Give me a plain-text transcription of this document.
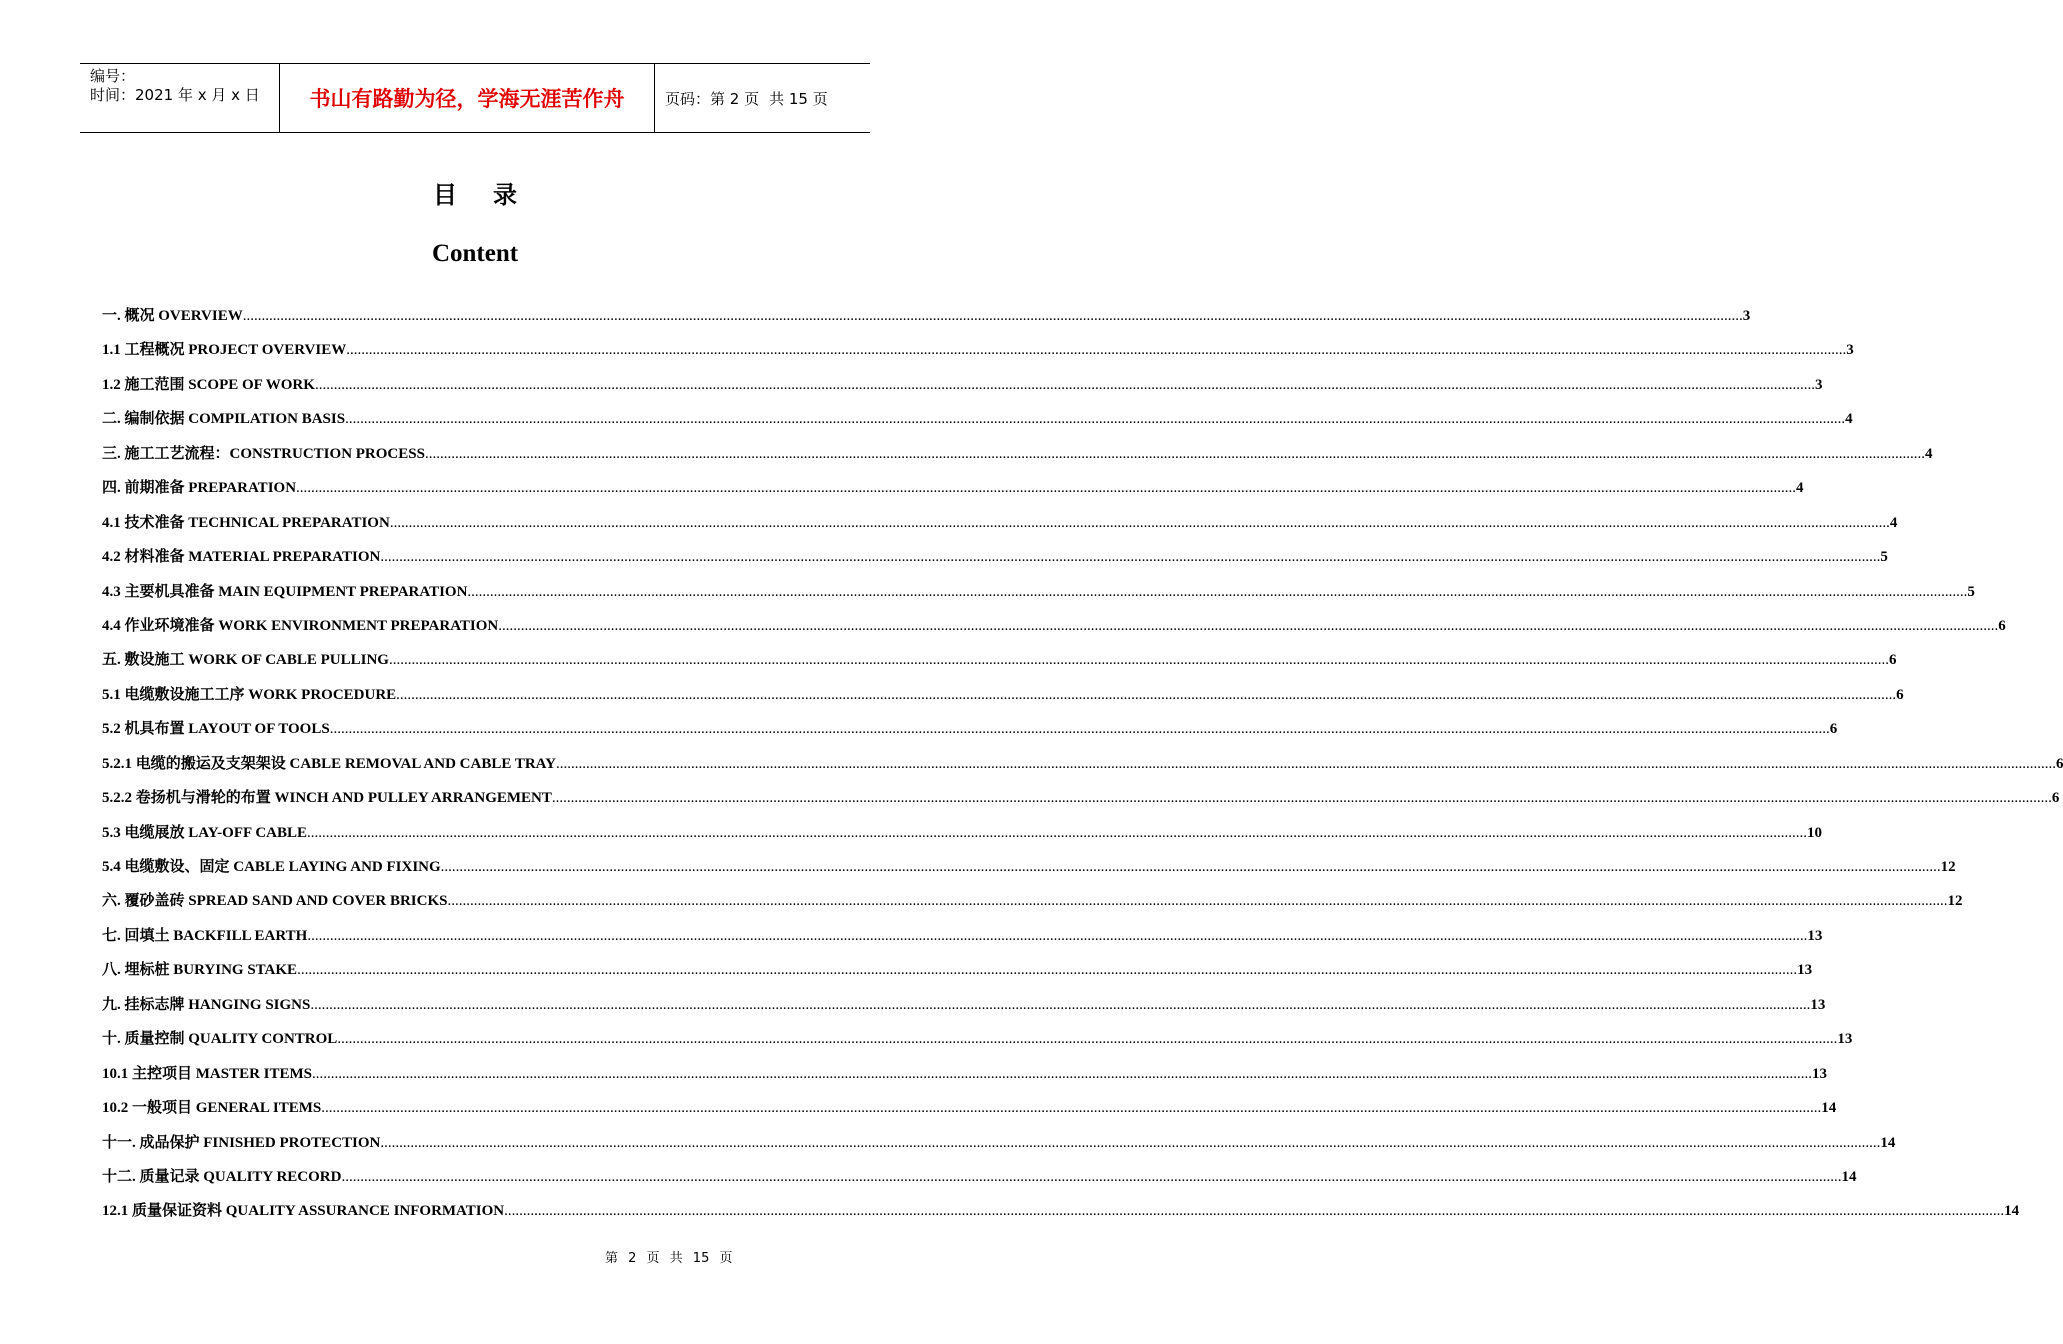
编号：
时间：2021 年 x 月 x 日	书山有路勤为径，学海无涯苦作舟	页码：第 2 页 共 15 页
目录
Content
一. 概况 OVERVIEW ................................................................................................................................................................................................................................................................................................................................................................................................................ 3
1.1 工程概况 PROJECT OVERVIEW ................................................................................................................................................................................................................................................................................................................................................................................................................ 3
1.2 施工范围 SCOPE OF WORK ................................................................................................................................................................................................................................................................................................................................................................................................................ 3
二. 编制依据 COMPILATION BASIS ................................................................................................................................................................................................................................................................................................................................................................................................................ 4
三. 施工工艺流程：CONSTRUCTION PROCESS ................................................................................................................................................................................................................................................................................................................................................................................................................ 4
四. 前期准备 PREPARATION ................................................................................................................................................................................................................................................................................................................................................................................................................ 4
4.1 技术准备 TECHNICAL PREPARATION ................................................................................................................................................................................................................................................................................................................................................................................................................ 4
4.2 材料准备 MATERIAL PREPARATION ................................................................................................................................................................................................................................................................................................................................................................................................................ 5
4.3 主要机具准备 MAIN EQUIPMENT PREPARATION ................................................................................................................................................................................................................................................................................................................................................................................................................ 5
4.4 作业环境准备 WORK ENVIRONMENT PREPARATION ................................................................................................................................................................................................................................................................................................................................................................................................................ 6
五. 敷设施工 WORK OF CABLE PULLING ................................................................................................................................................................................................................................................................................................................................................................................................................ 6
5.1 电缆敷设施工工序 WORK PROCEDURE ................................................................................................................................................................................................................................................................................................................................................................................................................ 6
5.2 机具布置 LAYOUT OF TOOLS ................................................................................................................................................................................................................................................................................................................................................................................................................ 6
5.2.1 电缆的搬运及支架架设 CABLE REMOVAL AND CABLE TRAY ................................................................................................................................................................................................................................................................................................................................................................................................................ 6
5.2.2 卷扬机与滑轮的布置 WINCH AND PULLEY ARRANGEMENT ................................................................................................................................................................................................................................................................................................................................................................................................................ 6
5.3 电缆展放 LAY-OFF CABLE ................................................................................................................................................................................................................................................................................................................................................................................................................ 10
5.4 电缆敷设、固定 CABLE LAYING AND FIXING ................................................................................................................................................................................................................................................................................................................................................................................................................ 12
六. 覆砂盖砖 SPREAD SAND AND COVER BRICKS ................................................................................................................................................................................................................................................................................................................................................................................................................ 12
七. 回填土 BACKFILL EARTH ................................................................................................................................................................................................................................................................................................................................................................................................................ 13
八. 埋标桩 BURYING STAKE ................................................................................................................................................................................................................................................................................................................................................................................................................ 13
九. 挂标志牌 HANGING SIGNS ................................................................................................................................................................................................................................................................................................................................................................................................................ 13
十. 质量控制 QUALITY CONTROL ................................................................................................................................................................................................................................................................................................................................................................................................................ 13
10.1 主控项目 MASTER ITEMS ................................................................................................................................................................................................................................................................................................................................................................................................................ 13
10.2 一般项目 GENERAL ITEMS ................................................................................................................................................................................................................................................................................................................................................................................................................ 14
十一. 成品保护 FINISHED PROTECTION ................................................................................................................................................................................................................................................................................................................................................................................................................ 14
十二. 质量记录 QUALITY RECORD ................................................................................................................................................................................................................................................................................................................................................................................................................ 14
12.1 质量保证资料 QUALITY ASSURANCE INFORMATION ................................................................................................................................................................................................................................................................................................................................................................................................................ 14
第 2 页 共 15 页
